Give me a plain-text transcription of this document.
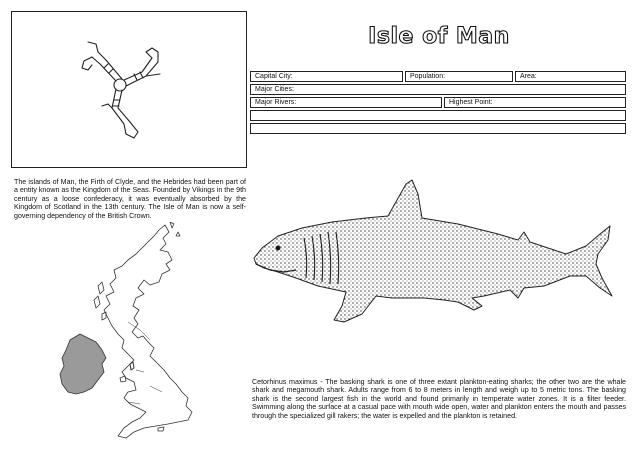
Isle of Man
Capital City:	Population:	Area:
Major Cities:
Major Rivers:	Highest Point:

The islands of Man, the Firth of Clyde, and the Hebrides had been part of a entity known as the Kingdom of the Seas. Founded by Vikings in the 9th century as a loose confederacy, it was eventually absorbed by the Kingdom of Scotland in the 13th century. The Isle of Man is now a self-governing dependency of the British Crown.

Cetorhinus maximus - The basking shark is one of three extant plankton-eating sharks; the other two are the whale shark and megamouth shark. Adults range from 6 to 8 meters in length and weigh up to 5 metric tons. The basking shark is the second largest fish in the world and found primarily in temperate water zones. It is a filter feeder. Swimming along the surface at a casual pace with mouth wide open, water and plankton enters the mouth and passes through the specialized gill rakers; the water is expelled and the plankton is retained.
